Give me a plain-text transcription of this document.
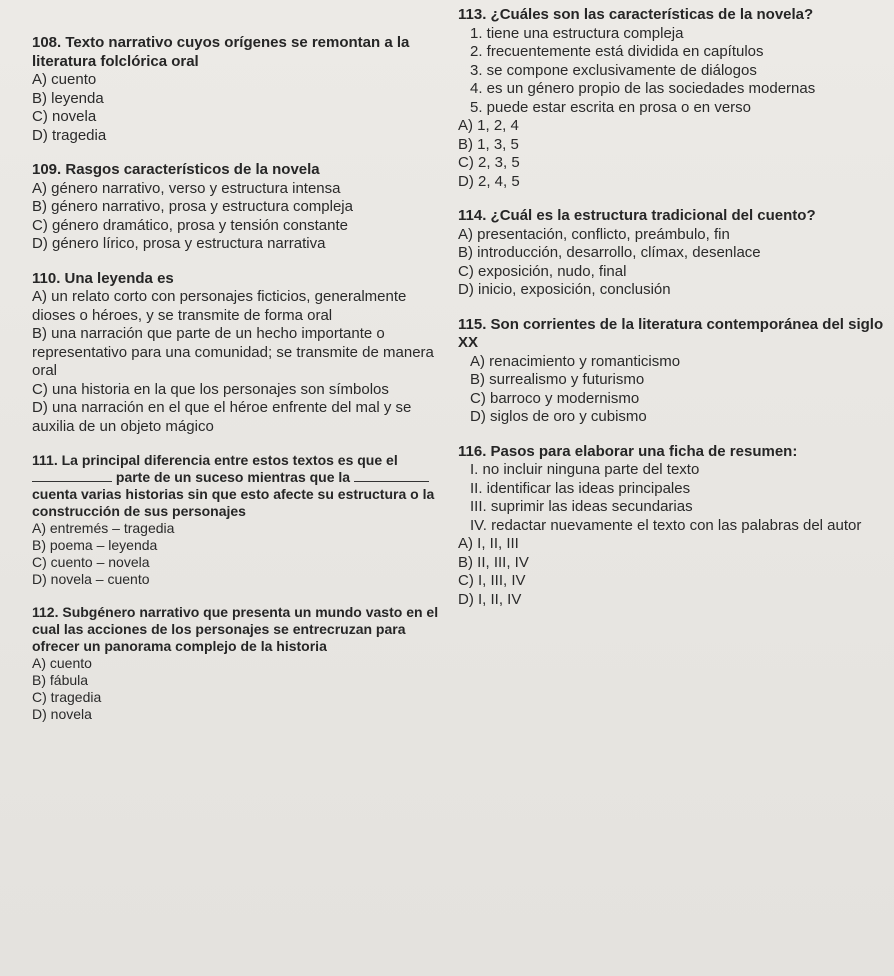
108. Texto narrativo cuyos orígenes se remontan a la literatura folclórica oral

A) cuento

B) leyenda

C) novela

D) tragedia

109. Rasgos característicos de la novela

A) género narrativo, verso y estructura intensa

B) género narrativo, prosa y estructura compleja

C) género dramático, prosa y tensión constante

D) género lírico, prosa y estructura narrativa

110. Una leyenda es

A) un relato corto con personajes ficticios, generalmente dioses o héroes, y se transmite de forma oral

B) una narración que parte de un hecho importante o representativo para una comunidad; se transmite de manera oral

C) una historia en la que los personajes son símbolos

D) una narración en el que el héroe enfrente del mal y se auxilia de un objeto mágico

111. La principal diferencia entre estos textos es que el  parte de un suceso mientras que la  cuenta varias historias sin que esto afecte su estructura o la construcción de sus personajes

A) entremés – tragedia

B) poema – leyenda

C) cuento – novela

D) novela – cuento

112. Subgénero narrativo que presenta un mundo vasto en el cual las acciones de los personajes se entrecruzan para ofrecer un panorama complejo de la historia

A) cuento

B) fábula

C) tragedia

D) novela

113. ¿Cuáles son las características de la novela?

1. tiene una estructura compleja

2. frecuentemente está dividida en capítulos

3. se compone exclusivamente de diálogos

4. es un género propio de las sociedades modernas

5. puede estar escrita en prosa o en verso

A) 1, 2, 4

B) 1, 3, 5

C) 2, 3, 5

D) 2, 4, 5

114. ¿Cuál es la estructura tradicional del cuento?

A) presentación, conflicto, preámbulo, fin

B) introducción, desarrollo, clímax, desenlace

C) exposición, nudo, final

D) inicio, exposición, conclusión

115. Son corrientes de la literatura contemporánea del siglo XX

A) renacimiento y romanticismo

B) surrealismo y futurismo

C) barroco y modernismo

D) siglos de oro y cubismo

116. Pasos para elaborar una ficha de resumen:

I. no incluir ninguna parte del texto

II. identificar las ideas principales

III. suprimir las ideas secundarias

IV. redactar nuevamente el texto con las palabras del autor

A) I, II, III

B) II, III, IV

C) I, III, IV

D) I, II, IV
